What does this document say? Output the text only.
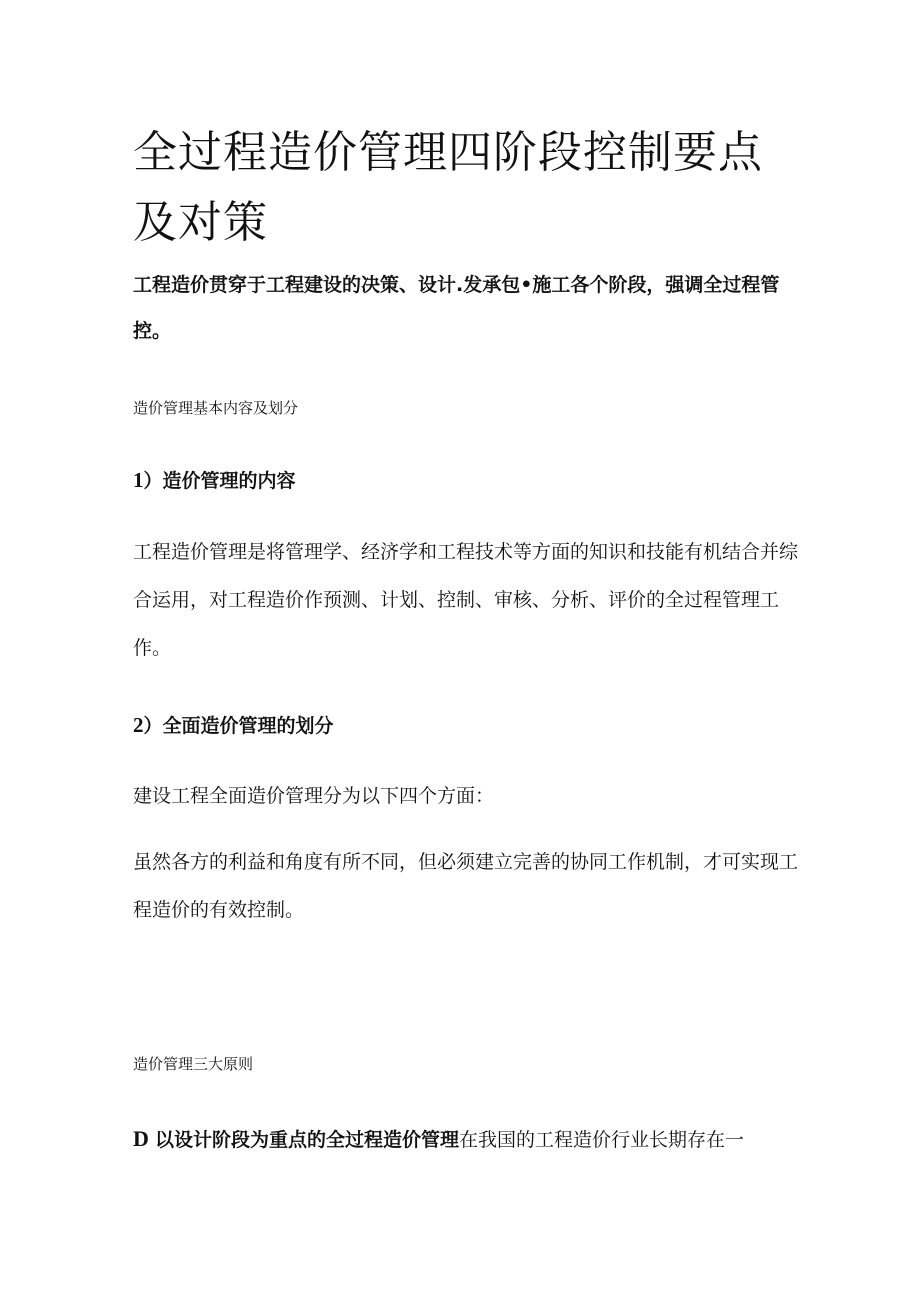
全过程造价管理四阶段控制要点及对策

工程造价贯穿于工程建设的决策、设计.发承包•施工各个阶段，强调全过程管控。

造价管理基本内容及划分

1）造价管理的内容

工程造价管理是将管理学、经济学和工程技术等方面的知识和技能有机结合并综合运用，对工程造价作预测、计划、控制、审核、分析、评价的全过程管理工作。

2）全面造价管理的划分

建设工程全面造价管理分为以下四个方面：

虽然各方的利益和角度有所不同，但必须建立完善的协同工作机制，才可实现工程造价的有效控制。

造价管理三大原则

D 以设计阶段为重点的全过程造价管理在我国的工程造价行业长期存在一
